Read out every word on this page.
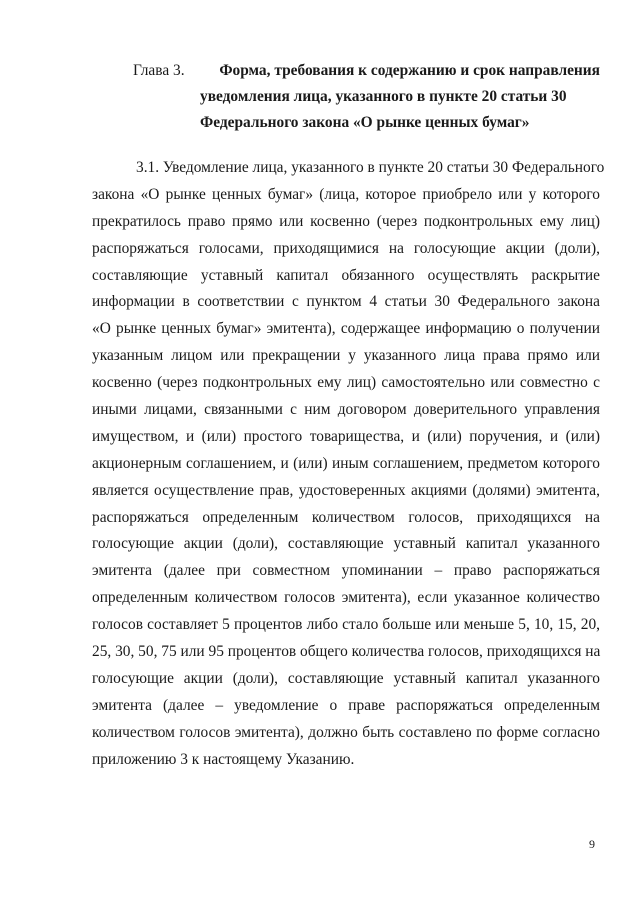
Глава 3. Форма, требования к содержанию и срок направления
уведомления лица, указанного в пункте 20 статьи 30
Федерального закона «О рынке ценных бумаг»
3.1. Уведомление лица, указанного в пункте 20 статьи 30 Федерального
закона «О рынке ценных бумаг» (лица, которое приобрело или у которого
прекратилось право прямо или косвенно (через подконтрольных ему лиц)
распоряжаться голосами, приходящимися на голосующие акции (доли),
составляющие уставный капитал обязанного осуществлять раскрытие
информации в соответствии с пунктом 4 статьи 30 Федерального закона
«О рынке ценных бумаг» эмитента), содержащее информацию о получении
указанным лицом или прекращении у указанного лица права прямо или
косвенно (через подконтрольных ему лиц) самостоятельно или совместно с
иными лицами, связанными с ним договором доверительного управления
имуществом, и (или) простого товарищества, и (или) поручения, и (или)
акционерным соглашением, и (или) иным соглашением, предметом которого
является осуществление прав, удостоверенных акциями (долями) эмитента,
распоряжаться определенным количеством голосов, приходящихся на
голосующие акции (доли), составляющие уставный капитал указанного
эмитента (далее при совместном упоминании – право распоряжаться
определенным количеством голосов эмитента), если указанное количество
голосов составляет 5 процентов либо стало больше или меньше 5, 10, 15, 20,
25, 30, 50, 75 или 95 процентов общего количества голосов, приходящихся на
голосующие акции (доли), составляющие уставный капитал указанного
эмитента (далее – уведомление о праве распоряжаться определенным
количеством голосов эмитента), должно быть составлено по форме согласно
приложению 3 к настоящему Указанию.
9
